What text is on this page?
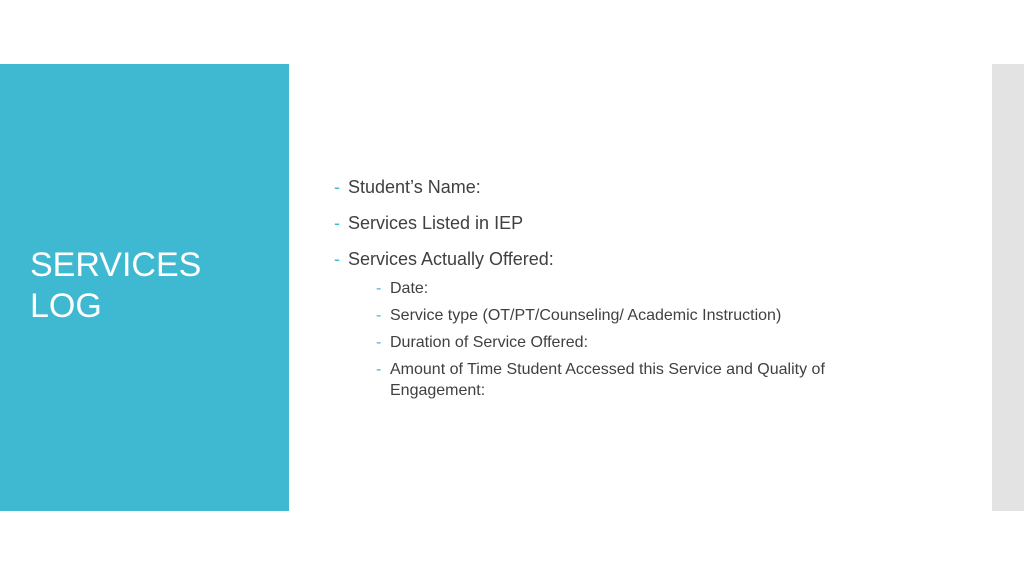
SERVICES
LOG
- Student’s Name:
- Services Listed in IEP
- Services Actually Offered:
- Date:
- Service type (OT/PT/Counseling/ Academic Instruction)
- Duration of Service Offered:
- Amount of Time Student Accessed this Service and Quality of Engagement:
